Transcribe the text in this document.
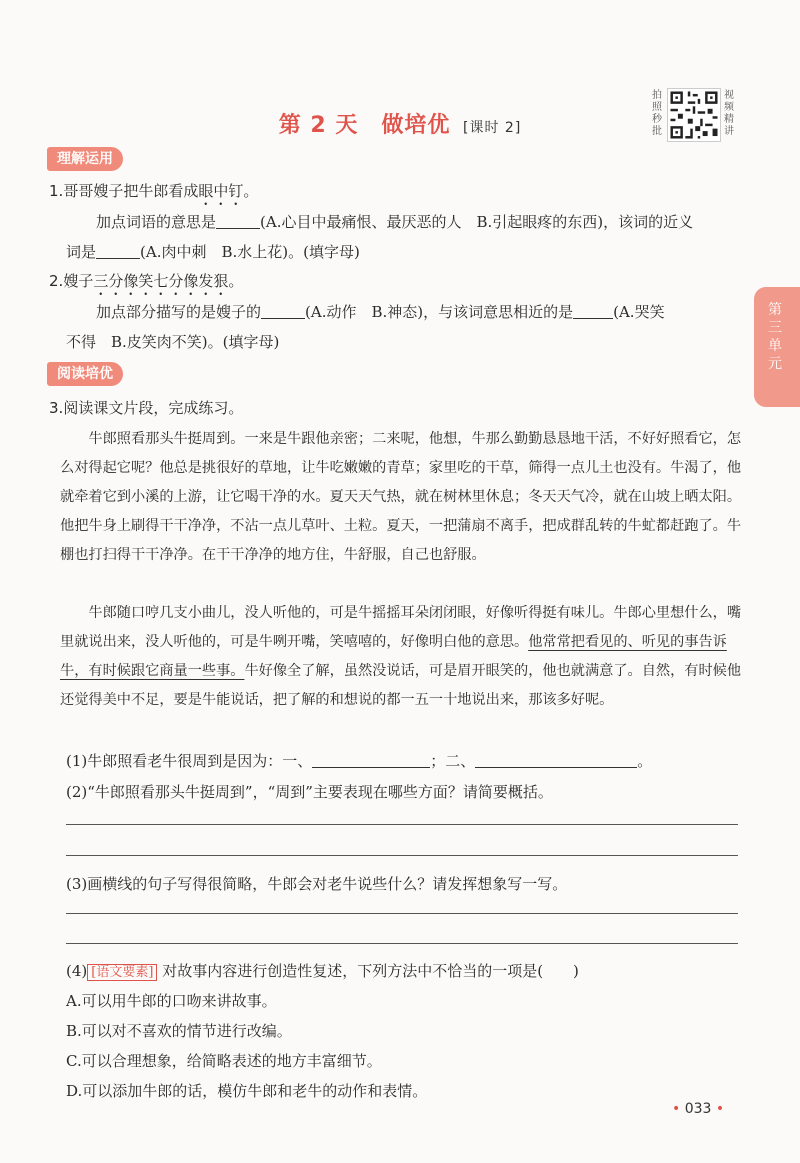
第 2 天　做培优 [课时 2]
拍照秒批
视频精讲
第三单元
理解运用
1.哥哥嫂子把牛郎看成眼中钉。
加点词语的意思是	(A.心目中最痛恨、最厌恶的人　B.引起眼疼的东西)，该词的近义
词是	(A.肉中刺　B.水上花)。(填字母)
2.嫂子三分像笑七分像发狠。
加点部分描写的是嫂子的	(A.动作　B.神态)，与该词意思相近的是	(A.哭笑
不得　B.皮笑肉不笑)。(填字母)
阅读培优
3.阅读课文片段，完成练习。

牛郎照看那头牛挺周到。一来是牛跟他亲密；二来呢，他想，牛那么勤勤恳恳地干活，不好好照看它，怎么对得起它呢？他总是挑很好的草地，让牛吃嫩嫩的青草；家里吃的干草，筛得一点儿土也没有。牛渴了，他就牵着它到小溪的上游，让它喝干净的水。夏天天气热，就在树林里休息；冬天天气冷，就在山坡上晒太阳。他把牛身上刷得干干净净，不沾一点儿草叶、土粒。夏天，一把蒲扇不离手，把成群乱转的牛虻都赶跑了。牛棚也打扫得干干净净。在干干净净的地方住，牛舒服，自己也舒服。

牛郎随口哼几支小曲儿，没人听他的，可是牛摇摇耳朵闭闭眼，好像听得挺有味儿。牛郎心里想什么，嘴里就说出来，没人听他的，可是牛咧开嘴，笑嘻嘻的，好像明白他的意思。他常常把看见的、听见的事告诉牛，有时候跟它商量一些事。牛好像全了解，虽然没说话，可是眉开眼笑的，他也就满意了。自然，有时候他还觉得美中不足，要是牛能说话，把了解的和想说的都一五一十地说出来，那该多好呢。

(1)牛郎照看老牛很周到是因为：一、	；二、	。
(2)“牛郎照看那头牛挺周到”，“周到”主要表现在哪些方面？请简要概括。
(3)画横线的句子写得很简略，牛郎会对老牛说些什么？请发挥想象写一写。
(4) [语文要素] 对故事内容进行创造性复述，下列方法中不恰当的一项是(　　)
A.可以用牛郎的口吻来讲故事。
B.可以对不喜欢的情节进行改编。
C.可以合理想象，给简略表述的地方丰富细节。
D.可以添加牛郎的话，模仿牛郎和老牛的动作和表情。
• 033 •
